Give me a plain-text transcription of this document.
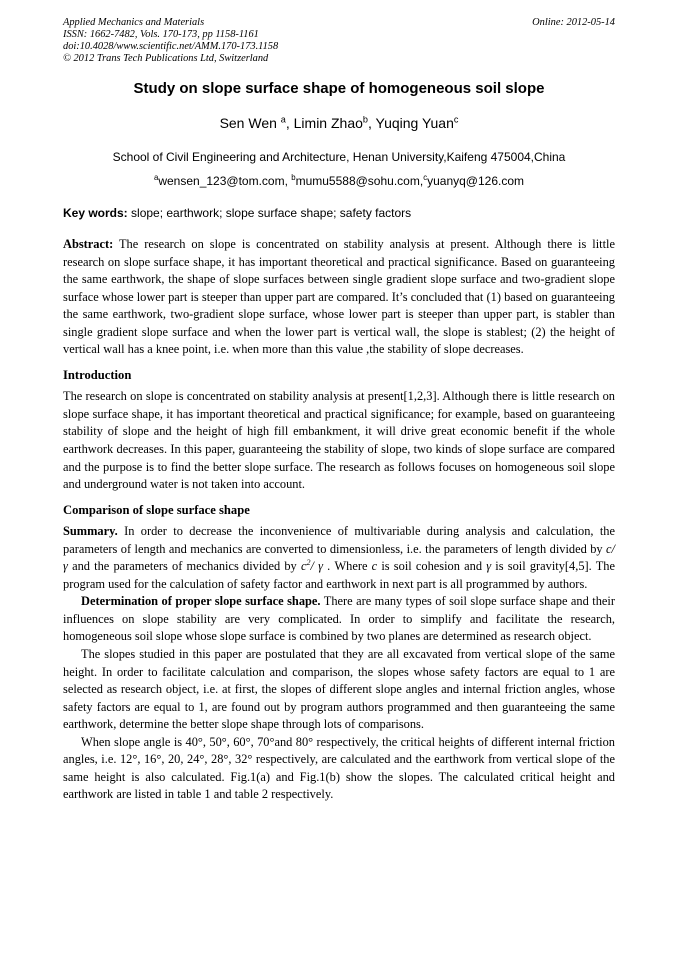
Applied Mechanics and Materials
ISSN: 1662-7482, Vols. 170-173, pp 1158-1161
doi:10.4028/www.scientific.net/AMM.170-173.1158
© 2012 Trans Tech Publications Ltd, Switzerland
Online: 2012-05-14
Study on slope surface shape of homogeneous soil slope
Sen Wen $^a$, Limin Zhao$^b$, Yuqing Yuan$^c$
School of Civil Engineering and Architecture, Henan University,Kaifeng 475004,China
$^a$wensen_123@tom.com, $^b$mumu5588@sohu.com,$^c$yuanyq@126.com
Key words: slope; earthwork; slope surface shape; safety factors

Abstract: The research on slope is concentrated on stability analysis at present. Although there is little research on slope surface shape, it has important theoretical and practical significance. Based on guaranteeing the same earthwork, the shape of slope surfaces between single gradient slope surface and two-gradient slope surface whose lower part is steeper than upper part are compared. It’s concluded that (1) based on guaranteeing the same earthwork, two-gradient slope surface, whose lower part is steeper than upper part, is stabler than single gradient slope surface and when the lower part is vertical wall, the slope is stablest; (2) the height of vertical wall has a knee point, i.e. when more than this value ,the stability of slope decreases.

Introduction

The research on slope is concentrated on stability analysis at present[1,2,3]. Although there is little research on slope surface shape, it has important theoretical and practical significance; for example, based on guaranteeing stability of slope and the height of high fill embankment, it will drive great economic benefit if the whole earthwork decreases. In this paper, guaranteeing the stability of slope, two kinds of slope surface are compared and the purpose is to find the better slope surface. The research as follows focuses on homogeneous soil slope and underground water is not taken into account.

Comparison of slope surface shape

Summary. In order to decrease the inconvenience of multivariable during analysis and calculation, the parameters of length and mechanics are converted to dimensionless, i.e. the parameters of length divided by c/ γ and the parameters of mechanics divided by $c^2/$ γ . Where c is soil cohesion and γ is soil gravity[4,5]. The program used for the calculation of safety factor and earthwork in next part is all programmed by authors.

Determination of proper slope surface shape. There are many types of soil slope surface shape and their influences on slope stability are very complicated. In order to simplify and facilitate the research, homogeneous soil slope whose slope surface is combined by two planes are determined as research object.

The slopes studied in this paper are postulated that they are all excavated from vertical slope of the same height. In order to facilitate calculation and comparison, the slopes whose safety factors are equal to 1 are selected as research object, i.e. at first, the slopes of different slope angles and internal friction angles, whose safety factors are equal to 1, are found out by program authors programmed and then guaranteeing the same earthwork, determine the better slope shape through lots of comparisons.

When slope angle is 40°, 50°, 60°, 70°and 80° respectively, the critical heights of different internal friction angles, i.e. 12°, 16°, 20, 24°, 28°, 32° respectively, are calculated and the earthwork from vertical slope of the same height is also calculated. Fig.1(a) and Fig.1(b) show the slopes. The calculated critical height and earthwork are listed in table 1 and table 2 respectively.
